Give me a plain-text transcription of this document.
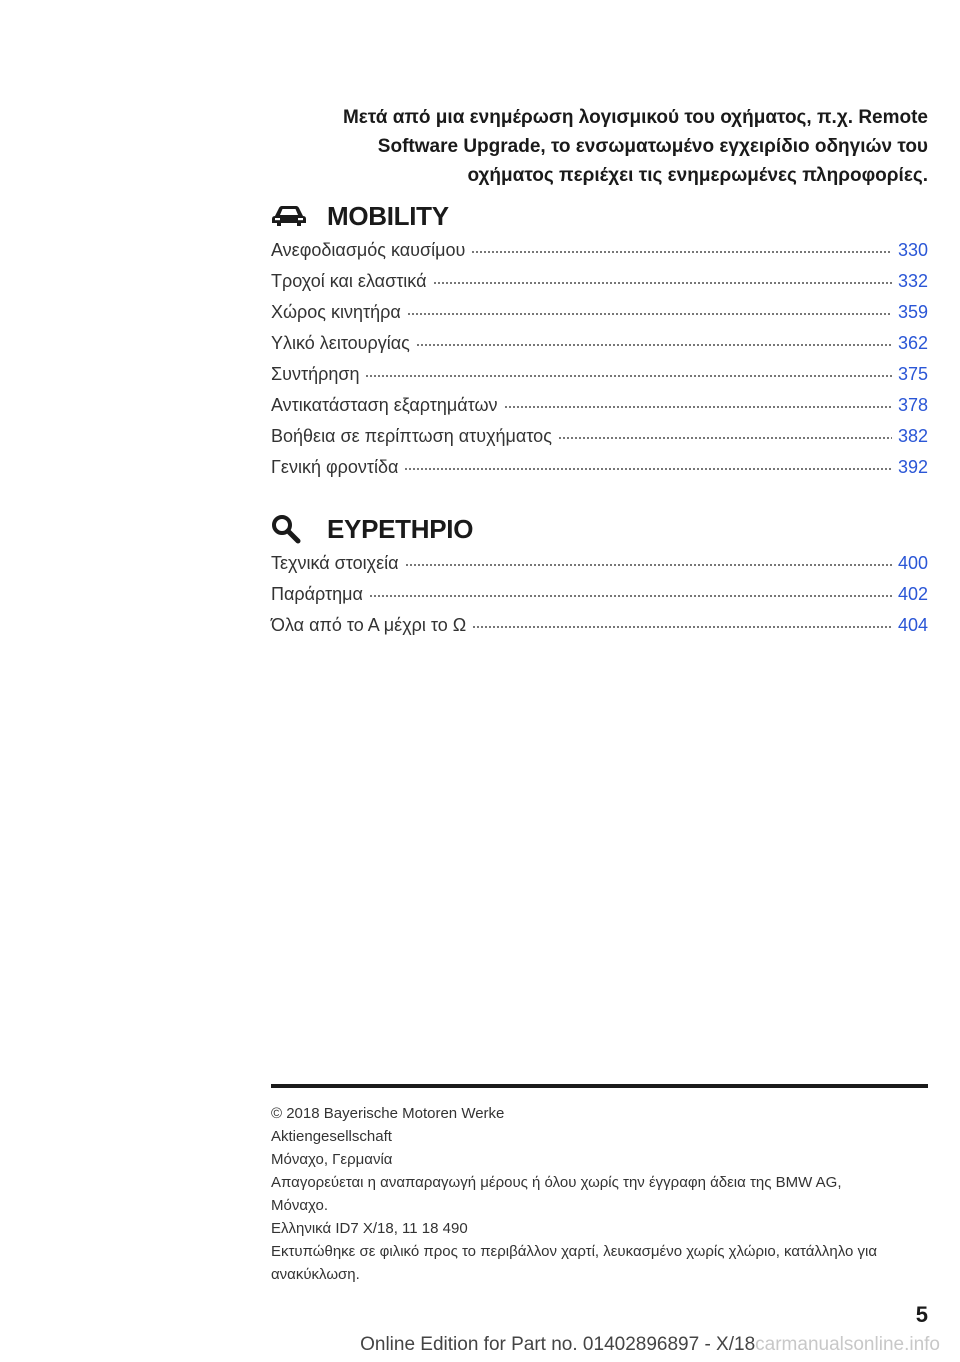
Μετά από μια ενημέρωση λογισμικού του οχήματος, π.χ. Remote
Software Upgrade, το ενσωματωμένο εγχειρίδιο οδηγιών του
οχήματος περιέχει τις ενημερωμένες πληροφορίες.
MOBILITY
Ανεφοδιασμός καυσίμου	330
Τροχοί και ελαστικά	332
Χώρος κινητήρα	359
Υλικό λειτουργίας	362
Συντήρηση	375
Αντικατάσταση εξαρτημάτων	378
Βοήθεια σε περίπτωση ατυχήματος	382
Γενική φροντίδα	392
ΕΥΡΕΤΗΡΙΟ
Τεχνικά στοιχεία	400
Παράρτημα	402
Όλα από το Α μέχρι το Ω	404
© 2018 Bayerische Motoren Werke
Aktiengesellschaft
Μόναχο, Γερμανία
Απαγορεύεται η αναπαραγωγή μέρους ή όλου χωρίς την έγγραφη άδεια της BMW AG,
Μόναχο.
Ελληνικά ID7 X/18, 11 18 490
Εκτυπώθηκε σε φιλικό προς το περιβάλλον χαρτί, λευκασμένο χωρίς χλώριο, κατάλληλο για
ανακύκλωση.
5
Online Edition for Part no. 01402896897 - X/18carmanualsonline.info
